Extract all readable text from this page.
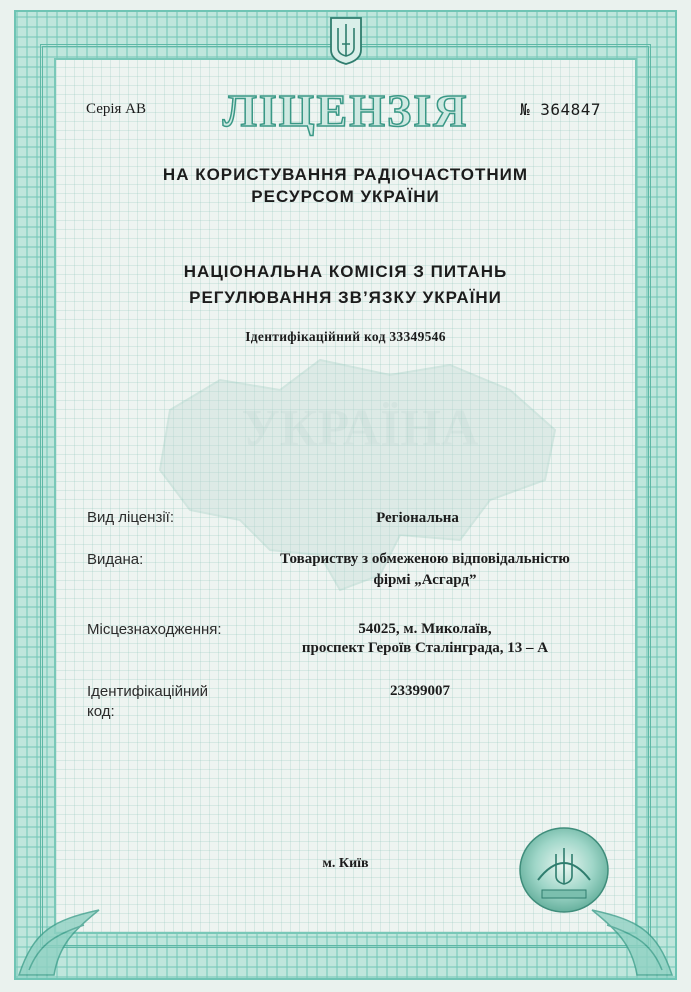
УКРАЇНА
Серія АВ	ЛІЦЕНЗІЯ	№ 364847
НА КОРИСТУВАННЯ РАДІОЧАСТОТНИМ
РЕСУРСОМ УКРАЇНИ
НАЦІОНАЛЬНА КОМІСІЯ З ПИТАНЬ
РЕГУЛЮВАННЯ ЗВ’ЯЗКУ УКРАЇНИ
Ідентифікаційний код 33349546
Вид ліцензії:	Регіональна
Видана:	Товариству з обмеженою відповідальністю
фірмі „Асгард”
Місцезнаходження:	54025, м. Миколаїв,
проспект Героїв Сталінграда, 13 – А
Ідентифікаційний
код:
23399007
м. Київ
